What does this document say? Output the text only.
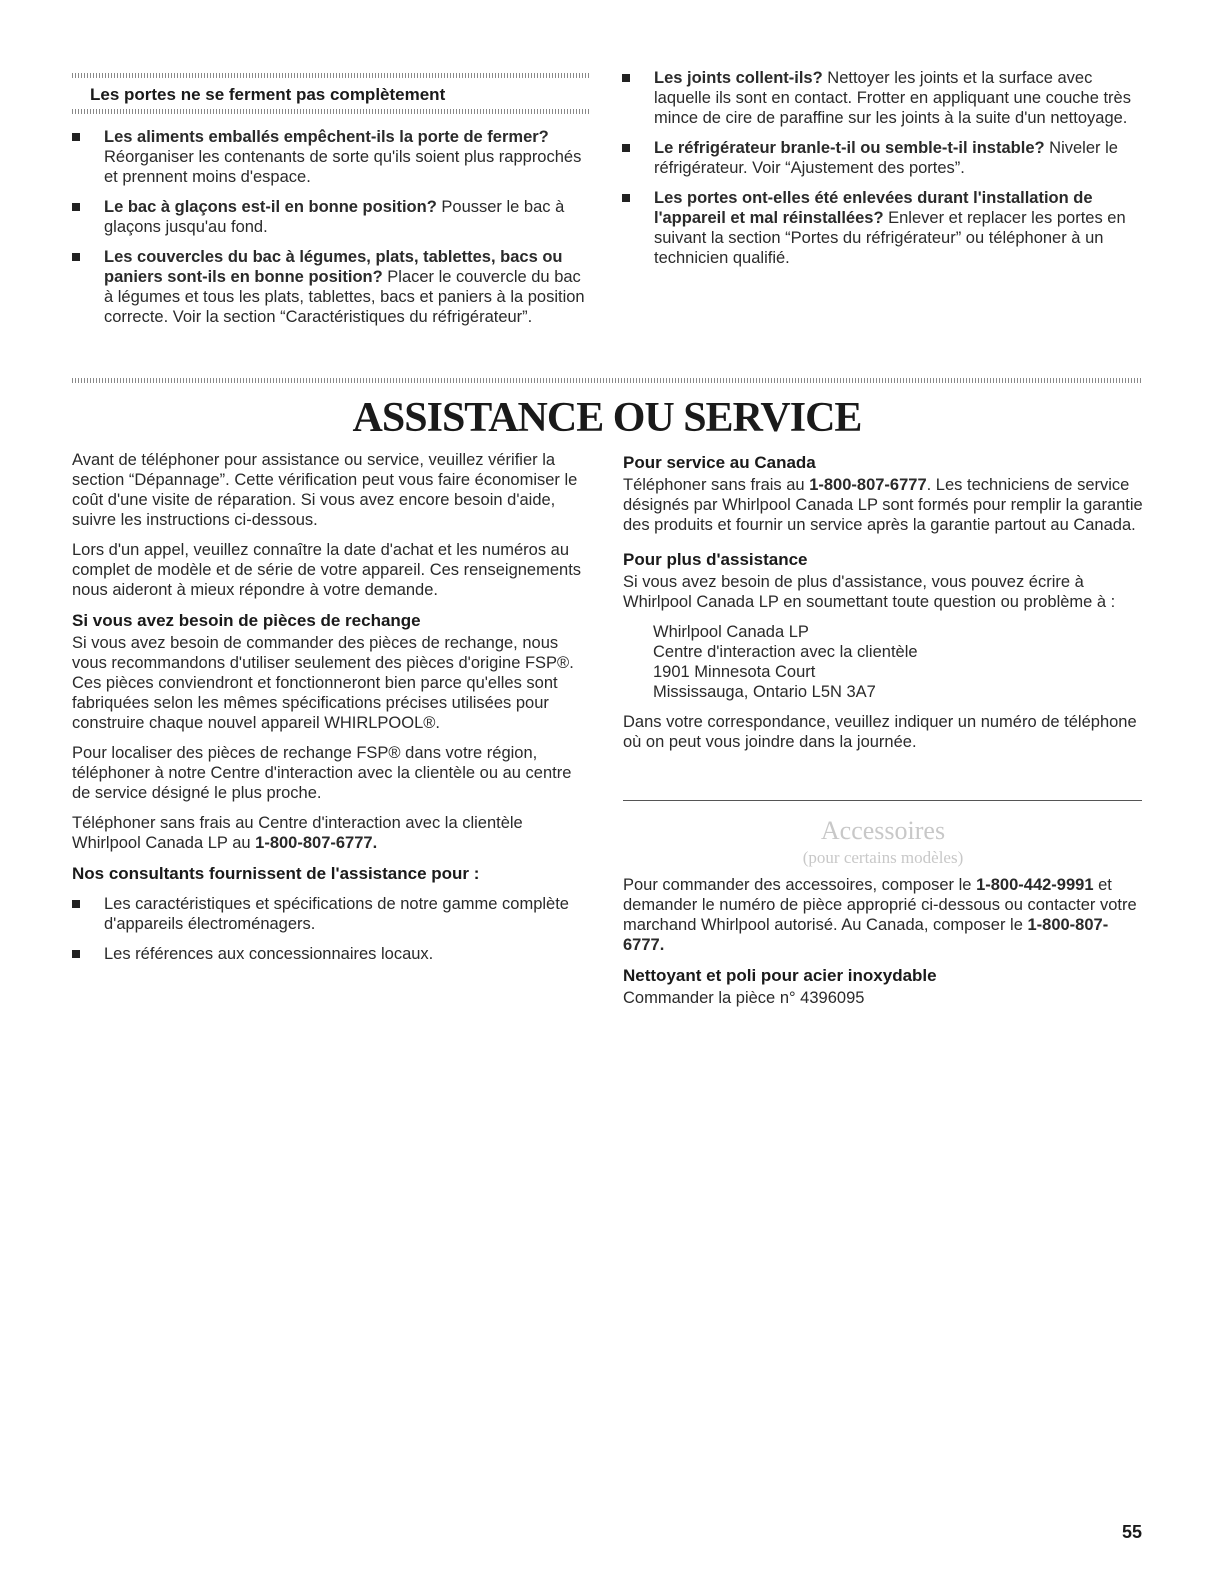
Les portes ne se ferment pas complètement
Les aliments emballés empêchent-ils la porte de fermer? Réorganiser les contenants de sorte qu'ils soient plus rapprochés et prennent moins d'espace.
Le bac à glaçons est-il en bonne position? Pousser le bac à glaçons jusqu'au fond.
Les couvercles du bac à légumes, plats, tablettes, bacs ou paniers sont-ils en bonne position? Placer le couvercle du bac à légumes et tous les plats, tablettes, bacs et paniers à la position correcte. Voir la section “Caractéristiques du réfrigérateur”.
Les joints collent-ils? Nettoyer les joints et la surface avec laquelle ils sont en contact. Frotter en appliquant une couche très mince de cire de paraffine sur les joints à la suite d'un nettoyage.
Le réfrigérateur branle-t-il ou semble-t-il instable? Niveler le réfrigérateur. Voir “Ajustement des portes”.
Les portes ont-elles été enlevées durant l'installation de l'appareil et mal réinstallées? Enlever et replacer les portes en suivant la section “Portes du réfrigérateur” ou téléphoner à un technicien qualifié.
ASSISTANCE OU SERVICE

Avant de téléphoner pour assistance ou service, veuillez vérifier la section “Dépannage”. Cette vérification peut vous faire économiser le coût d'une visite de réparation. Si vous avez encore besoin d'aide, suivre les instructions ci-dessous.

Lors d'un appel, veuillez connaître la date d'achat et les numéros au complet de modèle et de série de votre appareil. Ces renseignements nous aideront à mieux répondre à votre demande.

Si vous avez besoin de pièces de rechange

Si vous avez besoin de commander des pièces de rechange, nous vous recommandons d'utiliser seulement des pièces d'origine FSP®. Ces pièces conviendront et fonctionneront bien parce qu'elles sont fabriquées selon les mêmes spécifications précises utilisées pour construire chaque nouvel appareil WHIRLPOOL®.

Pour localiser des pièces de rechange FSP® dans votre région, téléphoner à notre Centre d'interaction avec la clientèle ou au centre de service désigné le plus proche.

Téléphoner sans frais au Centre d'interaction avec la clientèle Whirlpool Canada LP au 1-800-807-6777.

Nos consultants fournissent de l'assistance pour :
Les caractéristiques et spécifications de notre gamme complète d'appareils électroménagers.
Les références aux concessionnaires locaux.
Pour service au Canada

Téléphoner sans frais au 1-800-807-6777. Les techniciens de service désignés par Whirlpool Canada LP sont formés pour remplir la garantie des produits et fournir un service après la garantie partout au Canada.

Pour plus d'assistance

Si vous avez besoin de plus d'assistance, vous pouvez écrire à Whirlpool Canada LP en soumettant toute question ou problème à :

Whirlpool Canada LP
Centre d'interaction avec la clientèle
1901 Minnesota Court
Mississauga, Ontario L5N 3A7

Dans votre correspondance, veuillez indiquer un numéro de téléphone où on peut vous joindre dans la journée.

Accessoires
(pour certains modèles)

Pour commander des accessoires, composer le 1-800-442-9991 et demander le numéro de pièce approprié ci-dessous ou contacter votre marchand Whirlpool autorisé. Au Canada, composer le 1-800-807-6777.

Nettoyant et poli pour acier inoxydable

Commander la pièce n° 4396095

55
